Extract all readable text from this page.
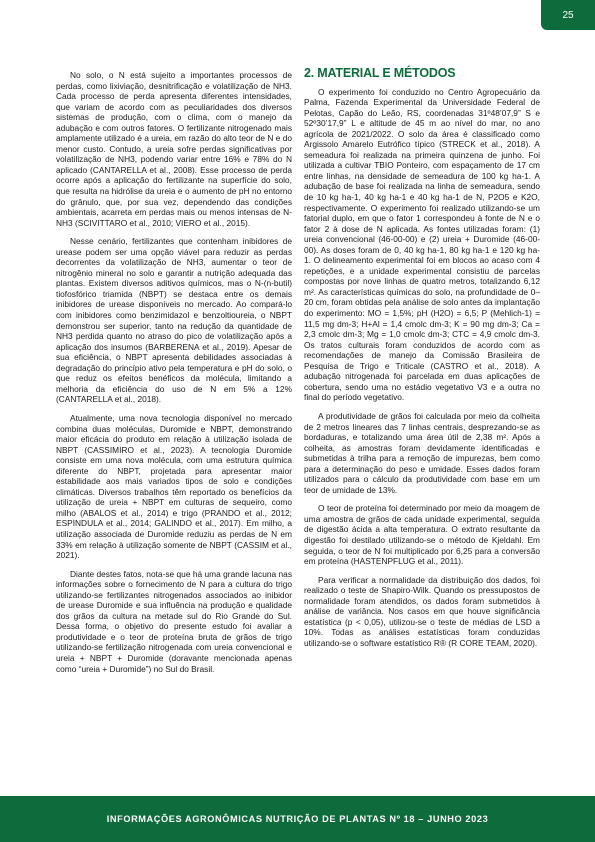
25

No solo, o N está sujeito a importantes processos de perdas, como lixiviação, desnitrificação e volatilização de NH3. Cada processo de perda apresenta diferentes intensidades, que variam de acordo com as peculiaridades dos diversos sistemas de produção, com o clima, com o manejo da adubação e com outros fatores. O fertilizante nitrogenado mais amplamente utilizado é a ureia, em razão do alto teor de N e do menor custo. Contudo, a ureia sofre perdas significativas por volatilização de NH3, podendo variar entre 16% e 78% do N aplicado (CANTARELLA et al., 2008). Esse processo de perda ocorre após a aplicação do fertilizante na superfície do solo, que resulta na hidrólise da ureia e o aumento de pH no entorno do grânulo, que, por sua vez, dependendo das condições ambientais, acarreta em perdas mais ou menos intensas de N-NH3 (SCIVITTARO et al., 2010; VIERO et al., 2015).

Nesse cenário, fertilizantes que contenham inibidores de urease podem ser uma opção viável para reduzir as perdas decorrentes da volatilização de NH3, aumentar o teor de nitrogênio mineral no solo e garantir a nutrição adequada das plantas. Existem diversos aditivos químicos, mas o N-(n-butil) tiofosfórico triamida (NBPT) se destaca entre os demais inibidores de urease disponíveis no mercado. Ao compará-lo com inibidores como benzimidazol e benzoltioureia, o NBPT demonstrou ser superior, tanto na redução da quantidade de NH3 perdida quanto no atraso do pico de volatilização após a aplicação dos insumos (BARBERENA et al., 2019). Apesar de sua eficiência, o NBPT apresenta debilidades associadas à degradação do princípio ativo pela temperatura e pH do solo, o que reduz os efeitos benéficos da molécula, limitando a melhoria da eficiência do uso de N em 5% a 12% (CANTARELLA et al., 2018).

Atualmente, uma nova tecnologia disponível no mercado combina duas moléculas, Duromide e NBPT, demonstrando maior eficácia do produto em relação à utilização isolada de NBPT (CASSIMIRO et al., 2023). A tecnologia Duromide consiste em uma nova molécula, com uma estrutura química diferente do NBPT, projetada para apresentar maior estabilidade aos mais variados tipos de solo e condições climáticas. Diversos trabalhos têm reportado os benefícios da utilização de ureia + NBPT em culturas de sequeiro, como milho (ABALOS et al., 2014) e trigo (PRANDO et al., 2012; ESPINDULA et al., 2014; GALINDO et al., 2017). Em milho, a utilização associada de Duromide reduziu as perdas de N em 33% em relação à utilização somente de NBPT (CASSIM et al., 2021).

Diante destes fatos, nota-se que há uma grande lacuna nas informações sobre o fornecimento de N para a cultura do trigo utilizando-se fertilizantes nitrogenados associados ao inibidor de urease Duromide e sua influência na produção e qualidade dos grãos da cultura na metade sul do Rio Grande do Sul. Dessa forma, o objetivo do presente estudo foi avaliar a produtividade e o teor de proteína bruta de grãos de trigo utilizando-se fertilização nitrogenada com ureia convencional e ureia + NBPT + Duromide (doravante mencionada apenas como “ureia + Duromide”) no Sul do Brasil.

2. MATERIAL E MÉTODOS

O experimento foi conduzido no Centro Agropecuário da Palma, Fazenda Experimental da Universidade Federal de Pelotas, Capão do Leão, RS, coordenadas 31º48’07,9” S e 52º30’17,9” L e altitude de 45 m ao nível do mar, no ano agrícola de 2021/2022. O solo da área é classificado como Argissolo Amarelo Eutrófico típico (STRECK et al., 2018). A semeadura foi realizada na primeira quinzena de junho. Foi utilizada a cultivar TBIO Ponteiro, com espaçamento de 17 cm entre linhas, na densidade de semeadura de 100 kg ha-1. A adubação de base foi realizada na linha de semeadura, sendo de 10 kg ha-1, 40 kg ha-1 e 40 kg ha-1 de N, P2O5 e K2O, respectivamente. O experimento foi realizado utilizando-se um fatorial duplo, em que o fator 1 correspondeu à fonte de N e o fator 2 à dose de N aplicada. As fontes utilizadas foram: (1) ureia convencional (46-00-00) e (2) ureia + Duromide (46-00-00). As doses foram de 0, 40 kg ha-1, 80 kg ha-1 e 120 kg ha-1. O delineamento experimental foi em blocos ao acaso com 4 repetições, e a unidade experimental consistiu de parcelas compostas por nove linhas de quatro metros, totalizando 6,12 m². As características químicas do solo, na profundidade de 0–20 cm, foram obtidas pela análise de solo antes da implantação do experimento: MO = 1,5%; pH (H2O) = 6,5; P (Mehlich-1) = 11,5 mg dm-3; H+Al = 1,4 cmolc dm-3; K = 90 mg dm-3; Ca = 2,3 cmolc dm-3; Mg = 1,0 cmolc dm-3; CTC = 4,9 cmolc dm-3. Os tratos culturais foram conduzidos de acordo com as recomendações de manejo da Comissão Brasileira de Pesquisa de Trigo e Triticale (CASTRO et al., 2018). A adubação nitrogenada foi parcelada em duas aplicações de cobertura, sendo uma no estádio vegetativo V3 e a outra no final do período vegetativo.

A produtividade de grãos foi calculada por meio da colheita de 2 metros lineares das 7 linhas centrais, desprezando-se as bordaduras, e totalizando uma área útil de 2,38 m². Após a colheita, as amostras foram devidamente identificadas e submetidas à trilha para a remoção de impurezas, bem como para a determinação do peso e umidade. Esses dados foram utilizados para o cálculo da produtividade com base em um teor de umidade de 13%.

O teor de proteína foi determinado por meio da moagem de uma amostra de grãos de cada unidade experimental, seguida de digestão ácida a alta temperatura. O extrato resultante da digestão foi destilado utilizando-se o método de Kjeldahl. Em seguida, o teor de N foi multiplicado por 6,25 para a conversão em proteína (HASTENPFLUG et al., 2011).

Para verificar a normalidade da distribuição dos dados, foi realizado o teste de Shapiro-Wilk. Quando os pressupostos de normalidade foram atendidos, os dados foram submetidos à análise de variância. Nos casos em que houve significância estatística (p < 0,05), utilizou-se o teste de médias de LSD a 10%. Todas as análises estatísticas foram conduzidas utilizando-se o software estatístico R® (R CORE TEAM, 2020).

INFORMAÇÕES AGRONÔMICAS NUTRIÇÃO DE PLANTAS Nº 18 – JUNHO 2023
